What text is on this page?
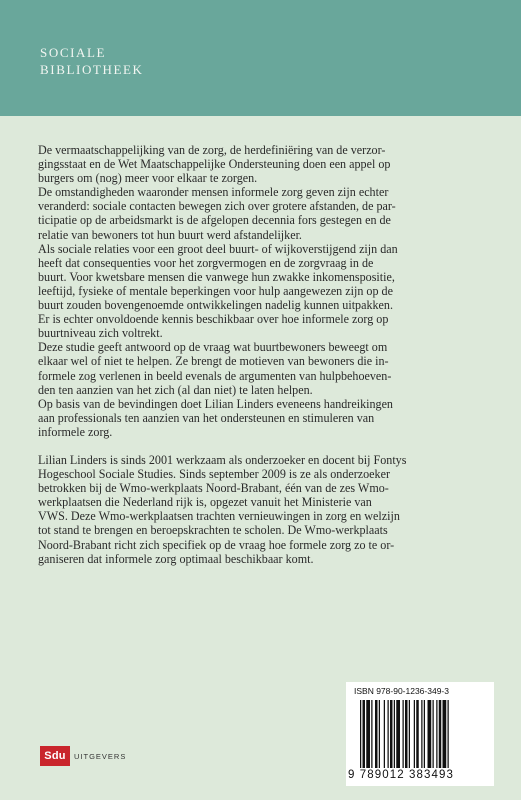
SOCIALE
BIBLIOTHEEK

De vermaatschappelijking van de zorg, de herdefiniëring van de verzor-
gingsstaat en de Wet Maatschappelijke Ondersteuning doen een appel op
burgers om (nog) meer voor elkaar te zorgen.
De omstandigheden waaronder mensen informele zorg geven zijn echter
veranderd: sociale contacten bewegen zich over grotere afstanden, de par-
ticipatie op de arbeidsmarkt is de afgelopen decennia fors gestegen en de
relatie van bewoners tot hun buurt werd afstandelijker.
Als sociale relaties voor een groot deel buurt- of wijkoverstijgend zijn dan
heeft dat consequenties voor het zorgvermogen en de zorgvraag in de
buurt. Voor kwetsbare mensen die vanwege hun zwakke inkomenspositie,
leeftijd, fysieke of mentale beperkingen voor hulp aangewezen zijn op de
buurt zouden bovengenoemde ontwikkelingen nadelig kunnen uitpakken.
Er is echter onvoldoende kennis beschikbaar over hoe informele zorg op
buurtniveau zich voltrekt.
Deze studie geeft antwoord op de vraag wat buurtbewoners beweegt om
elkaar wel of niet te helpen. Ze brengt de motieven van bewoners die in-
formele zog verlenen in beeld evenals de argumenten van hulpbehoeven-
den ten aanzien van het zich (al dan niet) te laten helpen.
Op basis van de bevindingen doet Lilian Linders eveneens handreikingen
aan professionals ten aanzien van het ondersteunen en stimuleren van
informele zorg.

Lilian Linders is sinds 2001 werkzaam als onderzoeker en docent bij Fontys
Hogeschool Sociale Studies. Sinds september 2009 is ze als onderzoeker
betrokken bij de Wmo-werkplaats Noord-Brabant, één van de zes Wmo-
werkplaatsen die Nederland rijk is, opgezet vanuit het Ministerie van
VWS. Deze Wmo-werkplaatsen trachten vernieuwingen in zorg en welzijn
tot stand te brengen en beroepskrachten te scholen. De Wmo-werkplaats
Noord-Brabant richt zich specifiek op de vraag hoe formele zorg zo te or-
ganiseren dat informele zorg optimaal beschikbaar komt.

ISBN 978-90-1236-349-3
9 789012 383493
Sdu	UITGEVERS
